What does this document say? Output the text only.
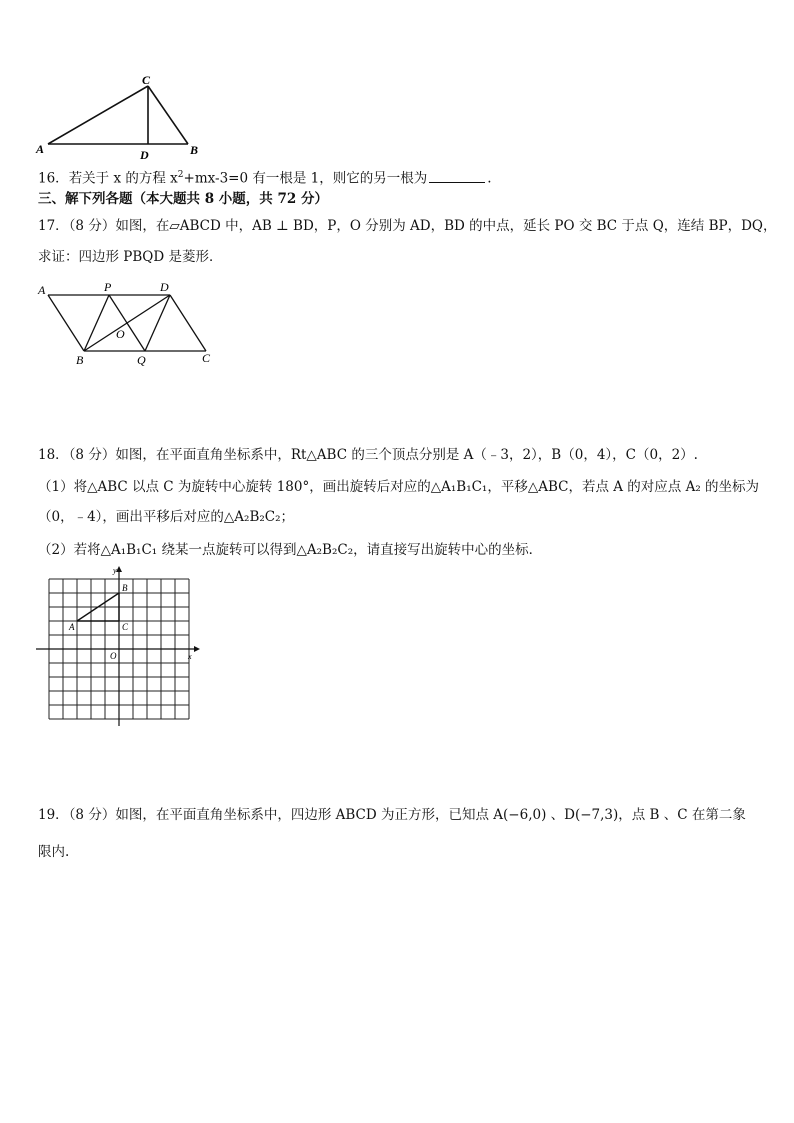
C
A	D	B
16．若关于 x 的方程 $x^2+mx-3=0$ 有一根是 1，则它的另一根为	.
三、解下列各题（本大题共 8 小题，共 72 分）
17．（8 分）如图，在▱ABCD 中，AB ⊥ BD，P，O 分别为 AD，BD 的中点，延长 PO 交 BC 于点 Q，连结 BP，DQ，
求证：四边形 PBQD 是菱形．
A	P	D
O
B	Q	C
18．（8 分）如图，在平面直角坐标系中，Rt△ABC 的三个顶点分别是 A（﹣3，2），B（0，4），C（0，2）.
（1）将△ABC 以点 C 为旋转中心旋转 180°，画出旋转后对应的△A₁B₁C₁，平移△ABC，若点 A 的对应点 A₂ 的坐标为
（0，﹣4），画出平移后对应的△A₂B₂C₂；
（2）若将△A₁B₁C₁ 绕某一点旋转可以得到△A₂B₂C₂，请直接写出旋转中心的坐标．
y
x
O
A
B
C
19．（8 分）如图，在平面直角坐标系中，四边形 ABCD 为正方形，已知点 A(−6,0) 、D(−7,3)，点 B 、C 在第二象
限内.
